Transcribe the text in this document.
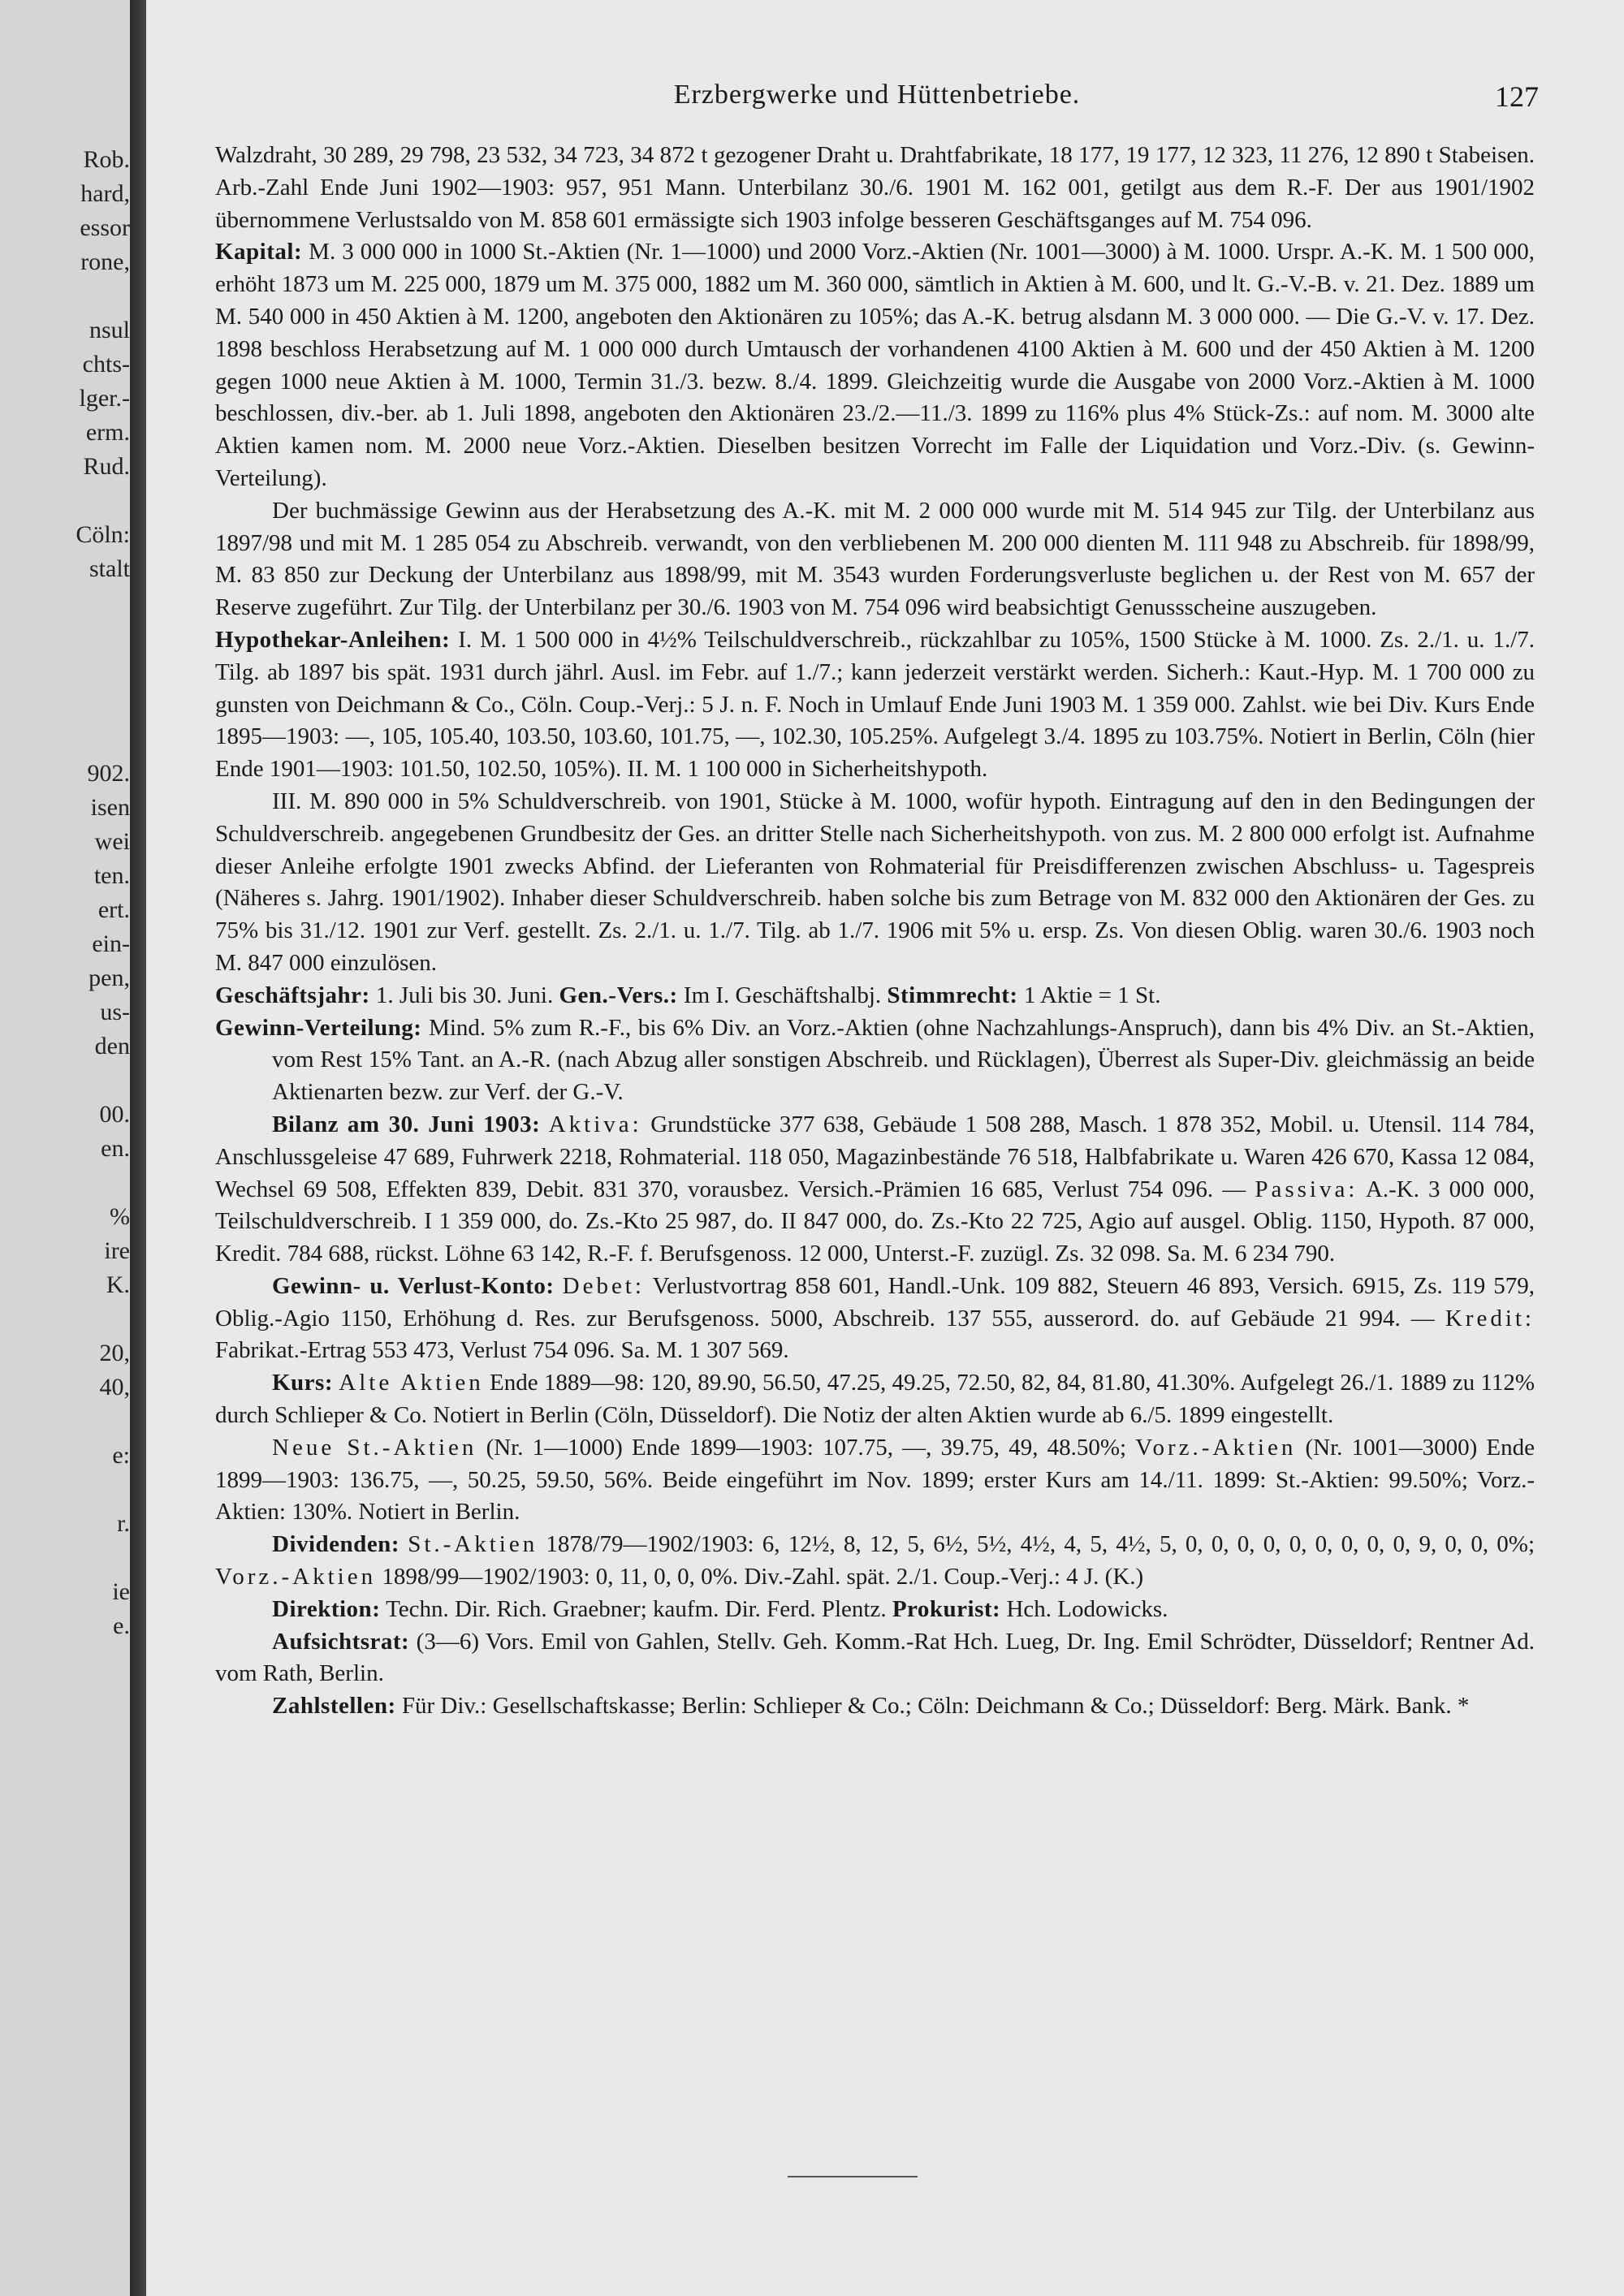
Rob.
hard,
essor
rone,
nsul
chts-
lger.-
erm.
Rud.
Cöln:
stalt
902.
isen
wei
ten.
ert.
ein-
pen,
us-
den
00.
en.
%
ire
K.
20,
40,
e:
r.
ie
e.
Erzbergwerke und Hüttenbetriebe.	127

Walzdraht, 30 289, 29 798, 23 532, 34 723, 34 872 t gezogener Draht u. Drahtfabrikate, 18 177, 19 177, 12 323, 11 276, 12 890 t Stabeisen. Arb.-Zahl Ende Juni 1902—1903: 957, 951 Mann. Unterbilanz 30./6. 1901 M. 162 001, getilgt aus dem R.-F. Der aus 1901/1902 übernommene Verlustsaldo von M. 858 601 ermässigte sich 1903 infolge besseren Geschäftsganges auf M. 754 096.

Kapital: M. 3 000 000 in 1000 St.-Aktien (Nr. 1—1000) und 2000 Vorz.-Aktien (Nr. 1001—3000) à M. 1000. Urspr. A.-K. M. 1 500 000, erhöht 1873 um M. 225 000, 1879 um M. 375 000, 1882 um M. 360 000, sämtlich in Aktien à M. 600, und lt. G.-V.-B. v. 21. Dez. 1889 um M. 540 000 in 450 Aktien à M. 1200, angeboten den Aktionären zu 105%; das A.-K. betrug alsdann M. 3 000 000. — Die G.-V. v. 17. Dez. 1898 beschloss Herabsetzung auf M. 1 000 000 durch Umtausch der vorhandenen 4100 Aktien à M. 600 und der 450 Aktien à M. 1200 gegen 1000 neue Aktien à M. 1000, Termin 31./3. bezw. 8./4. 1899. Gleichzeitig wurde die Ausgabe von 2000 Vorz.-Aktien à M. 1000 beschlossen, div.-ber. ab 1. Juli 1898, angeboten den Aktionären 23./2.—11./3. 1899 zu 116% plus 4% Stück-Zs.: auf nom. M. 3000 alte Aktien kamen nom. M. 2000 neue Vorz.-Aktien. Dieselben besitzen Vorrecht im Falle der Liquidation und Vorz.-Div. (s. Gewinn-Verteilung).

Der buchmässige Gewinn aus der Herabsetzung des A.-K. mit M. 2 000 000 wurde mit M. 514 945 zur Tilg. der Unterbilanz aus 1897/98 und mit M. 1 285 054 zu Abschreib. verwandt, von den verbliebenen M. 200 000 dienten M. 111 948 zu Abschreib. für 1898/99, M. 83 850 zur Deckung der Unterbilanz aus 1898/99, mit M. 3543 wurden Forderungsverluste beglichen u. der Rest von M. 657 der Reserve zugeführt. Zur Tilg. der Unterbilanz per 30./6. 1903 von M. 754 096 wird beabsichtigt Genussscheine auszugeben.

Hypothekar-Anleihen: I. M. 1 500 000 in 4½% Teilschuldverschreib., rückzahlbar zu 105%, 1500 Stücke à M. 1000. Zs. 2./1. u. 1./7. Tilg. ab 1897 bis spät. 1931 durch jährl. Ausl. im Febr. auf 1./7.; kann jederzeit verstärkt werden. Sicherh.: Kaut.-Hyp. M. 1 700 000 zu gunsten von Deichmann & Co., Cöln. Coup.-Verj.: 5 J. n. F. Noch in Umlauf Ende Juni 1903 M. 1 359 000. Zahlst. wie bei Div. Kurs Ende 1895—1903: —, 105, 105.40, 103.50, 103.60, 101.75, —, 102.30, 105.25%. Aufgelegt 3./4. 1895 zu 103.75%. Notiert in Berlin, Cöln (hier Ende 1901—1903: 101.50, 102.50, 105%). II. M. 1 100 000 in Sicherheitshypoth.

III. M. 890 000 in 5% Schuldverschreib. von 1901, Stücke à M. 1000, wofür hypoth. Eintragung auf den in den Bedingungen der Schuldverschreib. angegebenen Grundbesitz der Ges. an dritter Stelle nach Sicherheitshypoth. von zus. M. 2 800 000 erfolgt ist. Aufnahme dieser Anleihe erfolgte 1901 zwecks Abfind. der Lieferanten von Rohmaterial für Preisdifferenzen zwischen Abschluss- u. Tagespreis (Näheres s. Jahrg. 1901/1902). Inhaber dieser Schuldverschreib. haben solche bis zum Betrage von M. 832 000 den Aktionären der Ges. zu 75% bis 31./12. 1901 zur Verf. gestellt. Zs. 2./1. u. 1./7. Tilg. ab 1./7. 1906 mit 5% u. ersp. Zs. Von diesen Oblig. waren 30./6. 1903 noch M. 847 000 einzulösen.

Geschäftsjahr: 1. Juli bis 30. Juni. Gen.-Vers.: Im I. Geschäftshalbj. Stimmrecht: 1 Aktie = 1 St.

Gewinn-Verteilung: Mind. 5% zum R.-F., bis 6% Div. an Vorz.-Aktien (ohne Nachzahlungs-Anspruch), dann bis 4% Div. an St.-Aktien, vom Rest 15% Tant. an A.-R. (nach Abzug aller sonstigen Abschreib. und Rücklagen), Überrest als Super-Div. gleichmässig an beide Aktienarten bezw. zur Verf. der G.-V.

Bilanz am 30. Juni 1903: Aktiva: Grundstücke 377 638, Gebäude 1 508 288, Masch. 1 878 352, Mobil. u. Utensil. 114 784, Anschlussgeleise 47 689, Fuhrwerk 2218, Rohmaterial. 118 050, Magazinbestände 76 518, Halbfabrikate u. Waren 426 670, Kassa 12 084, Wechsel 69 508, Effekten 839, Debit. 831 370, vorausbez. Versich.-Prämien 16 685, Verlust 754 096. — Passiva: A.-K. 3 000 000, Teilschuldverschreib. I 1 359 000, do. Zs.-Kto 25 987, do. II 847 000, do. Zs.-Kto 22 725, Agio auf ausgel. Oblig. 1150, Hypoth. 87 000, Kredit. 784 688, rückst. Löhne 63 142, R.-F. f. Berufsgenoss. 12 000, Unterst.-F. zuzügl. Zs. 32 098. Sa. M. 6 234 790.

Gewinn- u. Verlust-Konto: Debet: Verlustvortrag 858 601, Handl.-Unk. 109 882, Steuern 46 893, Versich. 6915, Zs. 119 579, Oblig.-Agio 1150, Erhöhung d. Res. zur Berufsgenoss. 5000, Abschreib. 137 555, ausserord. do. auf Gebäude 21 994. — Kredit: Fabrikat.-Ertrag 553 473, Verlust 754 096. Sa. M. 1 307 569.

Kurs: Alte Aktien Ende 1889—98: 120, 89.90, 56.50, 47.25, 49.25, 72.50, 82, 84, 81.80, 41.30%. Aufgelegt 26./1. 1889 zu 112% durch Schlieper & Co. Notiert in Berlin (Cöln, Düsseldorf). Die Notiz der alten Aktien wurde ab 6./5. 1899 eingestellt.

Neue St.-Aktien (Nr. 1—1000) Ende 1899—1903: 107.75, —, 39.75, 49, 48.50%; Vorz.-Aktien (Nr. 1001—3000) Ende 1899—1903: 136.75, —, 50.25, 59.50, 56%. Beide eingeführt im Nov. 1899; erster Kurs am 14./11. 1899: St.-Aktien: 99.50%; Vorz.-Aktien: 130%. Notiert in Berlin.

Dividenden: St.-Aktien 1878/79—1902/1903: 6, 12½, 8, 12, 5, 6½, 5½, 4½, 4, 5, 4½, 5, 0, 0, 0, 0, 0, 0, 0, 0, 0, 9, 0, 0, 0%; Vorz.-Aktien 1898/99—1902/1903: 0, 11, 0, 0, 0%. Div.-Zahl. spät. 2./1. Coup.-Verj.: 4 J. (K.)

Direktion: Techn. Dir. Rich. Graebner; kaufm. Dir. Ferd. Plentz. Prokurist: Hch. Lodowicks.

Aufsichtsrat: (3—6) Vors. Emil von Gahlen, Stellv. Geh. Komm.-Rat Hch. Lueg, Dr. Ing. Emil Schrödter, Düsseldorf; Rentner Ad. vom Rath, Berlin.

Zahlstellen: Für Div.: Gesellschaftskasse; Berlin: Schlieper & Co.; Cöln: Deichmann & Co.; Düsseldorf: Berg. Märk. Bank. *
